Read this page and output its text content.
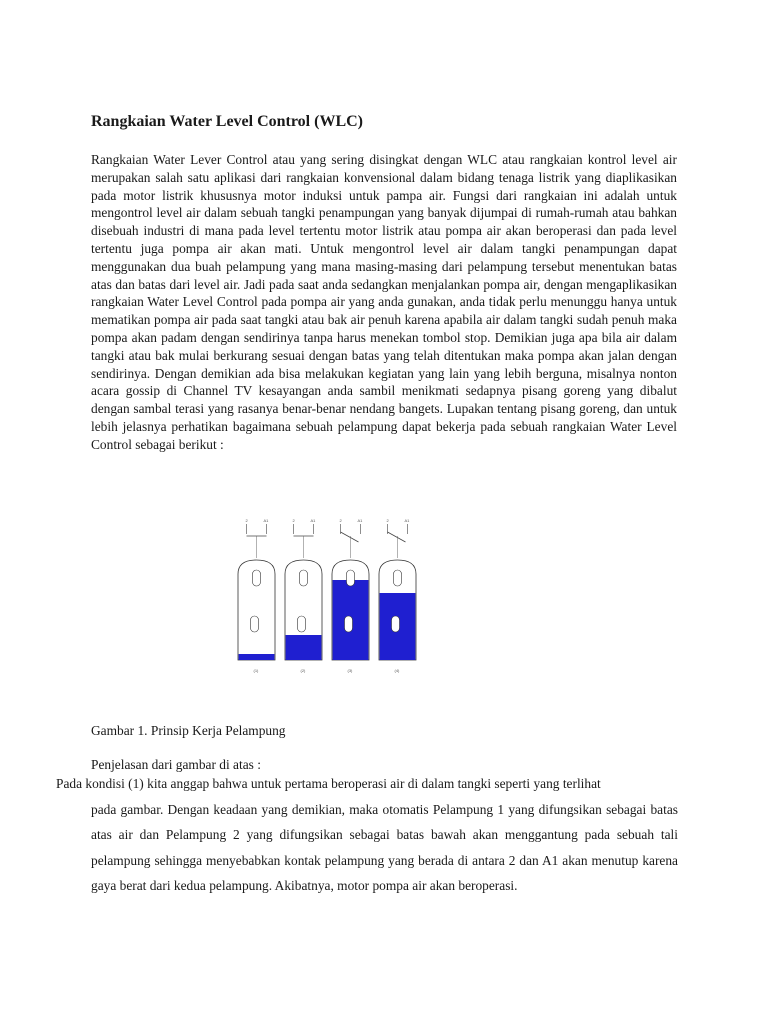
Rangkaian Water Level Control (WLC)

Rangkaian Water Lever Control atau yang sering disingkat dengan WLC atau rangkaian kontrol level air merupakan salah satu aplikasi dari rangkaian konvensional dalam bidang tenaga listrik yang diaplikasikan pada motor listrik khususnya motor induksi untuk pampa air. Fungsi dari rangkaian ini adalah untuk mengontrol level air dalam sebuah tangki penampungan yang banyak dijumpai di rumah-rumah atau bahkan disebuah industri di mana pada level tertentu motor listrik atau pompa air akan beroperasi dan pada level tertentu juga pompa air akan mati. Untuk mengontrol level air dalam tangki penampungan dapat menggunakan dua buah pelampung yang mana masing-masing dari pelampung tersebut menentukan batas atas dan batas dari level air. Jadi pada saat anda sedangkan menjalankan pompa air, dengan mengaplikasikan rangkaian Water Level Control pada pompa air yang anda gunakan, anda tidak perlu menunggu hanya untuk mematikan pompa air pada saat tangki atau bak air penuh karena apabila air dalam tangki sudah penuh maka pompa akan padam dengan sendirinya tanpa harus menekan tombol stop. Demikian juga apa bila air dalam tangki atau bak mulai berkurang sesuai dengan batas yang telah ditentukan maka pompa akan jalan dengan sendirinya. Dengan demikian ada bisa melakukan kegiatan yang lain yang lebih berguna, misalnya nonton acara gossip di Channel TV kesayangan anda sambil menikmati sedapnya pisang goreng yang dibalut dengan sambal terasi yang rasanya benar-benar nendang bangets. Lupakan tentang pisang goreng, dan untuk lebih jelasnya perhatikan bagaimana sebuah pelampung dapat bekerja pada sebuah rangkaian Water Level Control sebagai berikut :

2	A1
(1)
2	A1
(2)
2	A1
(3)
2	A1
(4)
Gambar 1. Prinsip Kerja Pelampung
Penjelasan dari gambar di atas :

Pada kondisi (1) kita anggap bahwa untuk pertama beroperasi air di dalam tangki seperti yang terlihat
pada gambar. Dengan keadaan yang demikian, maka otomatis Pelampung 1 yang difungsikan sebagai batas atas air dan Pelampung 2 yang difungsikan sebagai batas bawah akan menggantung pada sebuah tali pelampung sehingga menyebabkan kontak pelampung yang berada di antara 2 dan A1 akan menutup karena gaya berat dari kedua pelampung. Akibatnya, motor pompa air akan beroperasi.
